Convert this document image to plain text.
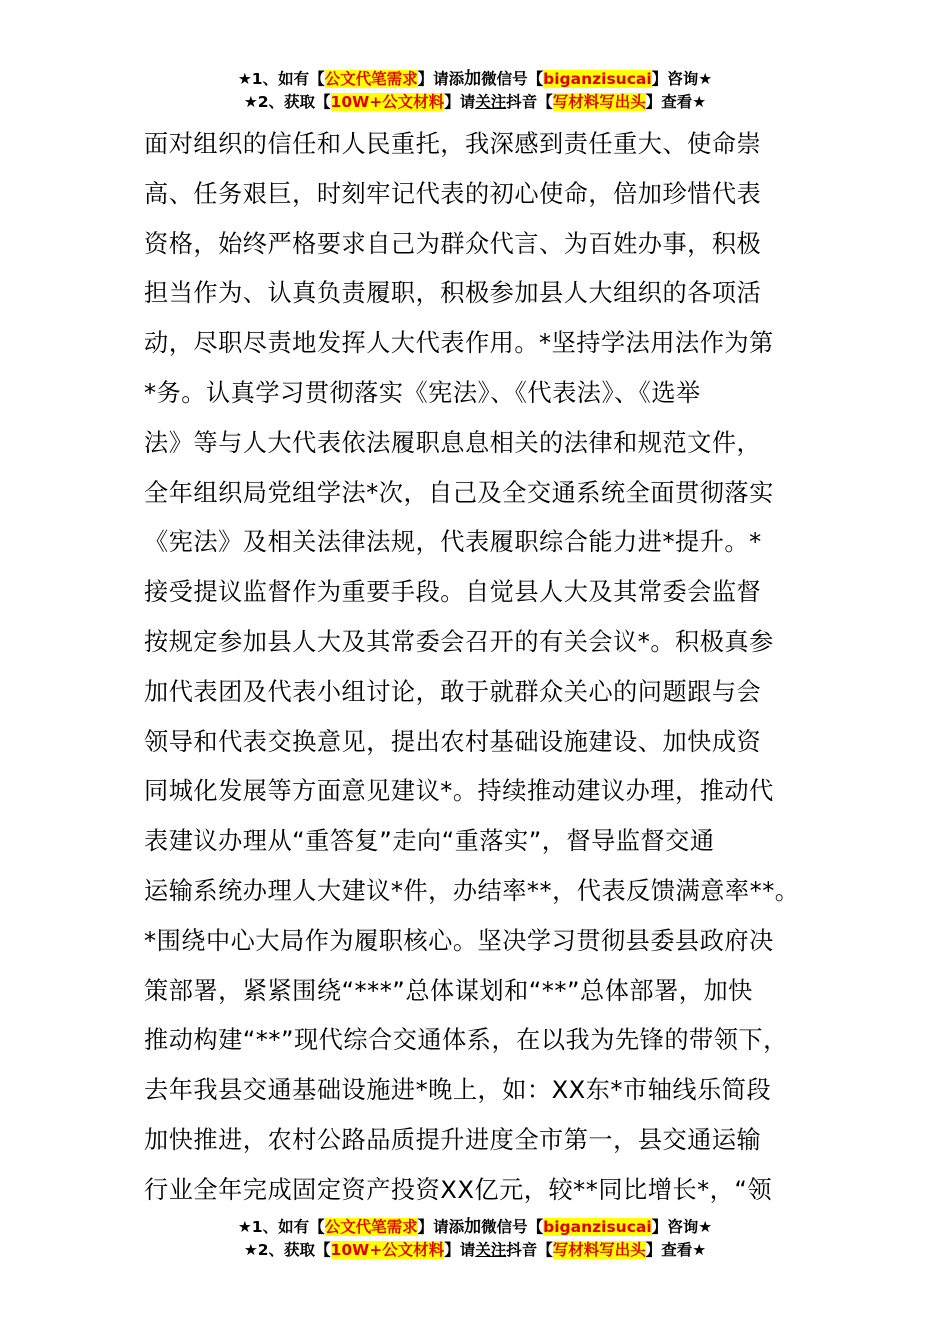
★1、如有【公文代笔需求】请添加微信号【biganzisucai】咨询★
★2、获取【10W+公文材料】请关注抖音【写材料写出头】查看★
面对组织的信任和人民重托，我深感到责任重大、使命崇
高、任务艰巨，时刻牢记代表的初心使命，倍加珍惜代表
资格，始终严格要求自己为群众代言、为百姓办事，积极
担当作为、认真负责履职，积极参加县人大组织的各项活
动，尽职尽责地发挥人大代表作用。*坚持学法用法作为第
*务。认真学习贯彻落实《宪法》、《代表法》、《选举
法》等与人大代表依法履职息息相关的法律和规范文件，
全年组织局党组学法*次，自己及全交通系统全面贯彻落实
《宪法》及相关法律法规，代表履职综合能力进*提升。*
接受提议监督作为重要手段。自觉县人大及其常委会监督
按规定参加县人大及其常委会召开的有关会议*。积极真参
加代表团及代表小组讨论，敢于就群众关心的问题跟与会
领导和代表交换意见，提出农村基础设施建设、加快成资
同城化发展等方面意见建议*。持续推动建议办理，推动代
表建议办理从“重答复”走向“重落实”，督导监督交通
运输系统办理人大建议*件，办结率**，代表反馈满意率**。
*围绕中心大局作为履职核心。坚决学习贯彻县委县政府决
策部署，紧紧围绕“***”总体谋划和“**”总体部署，加快
推动构建“**”现代综合交通体系，在以我为先锋的带领下，
去年我县交通基础设施进*晚上，如：XX东*市轴线乐简段
加快推进，农村公路品质提升进度全市第一，县交通运输
行业全年完成固定资产投资XX亿元，较**同比增长*，“领
★1、如有【公文代笔需求】请添加微信号【biganzisucai】咨询★
★2、获取【10W+公文材料】请关注抖音【写材料写出头】查看★
